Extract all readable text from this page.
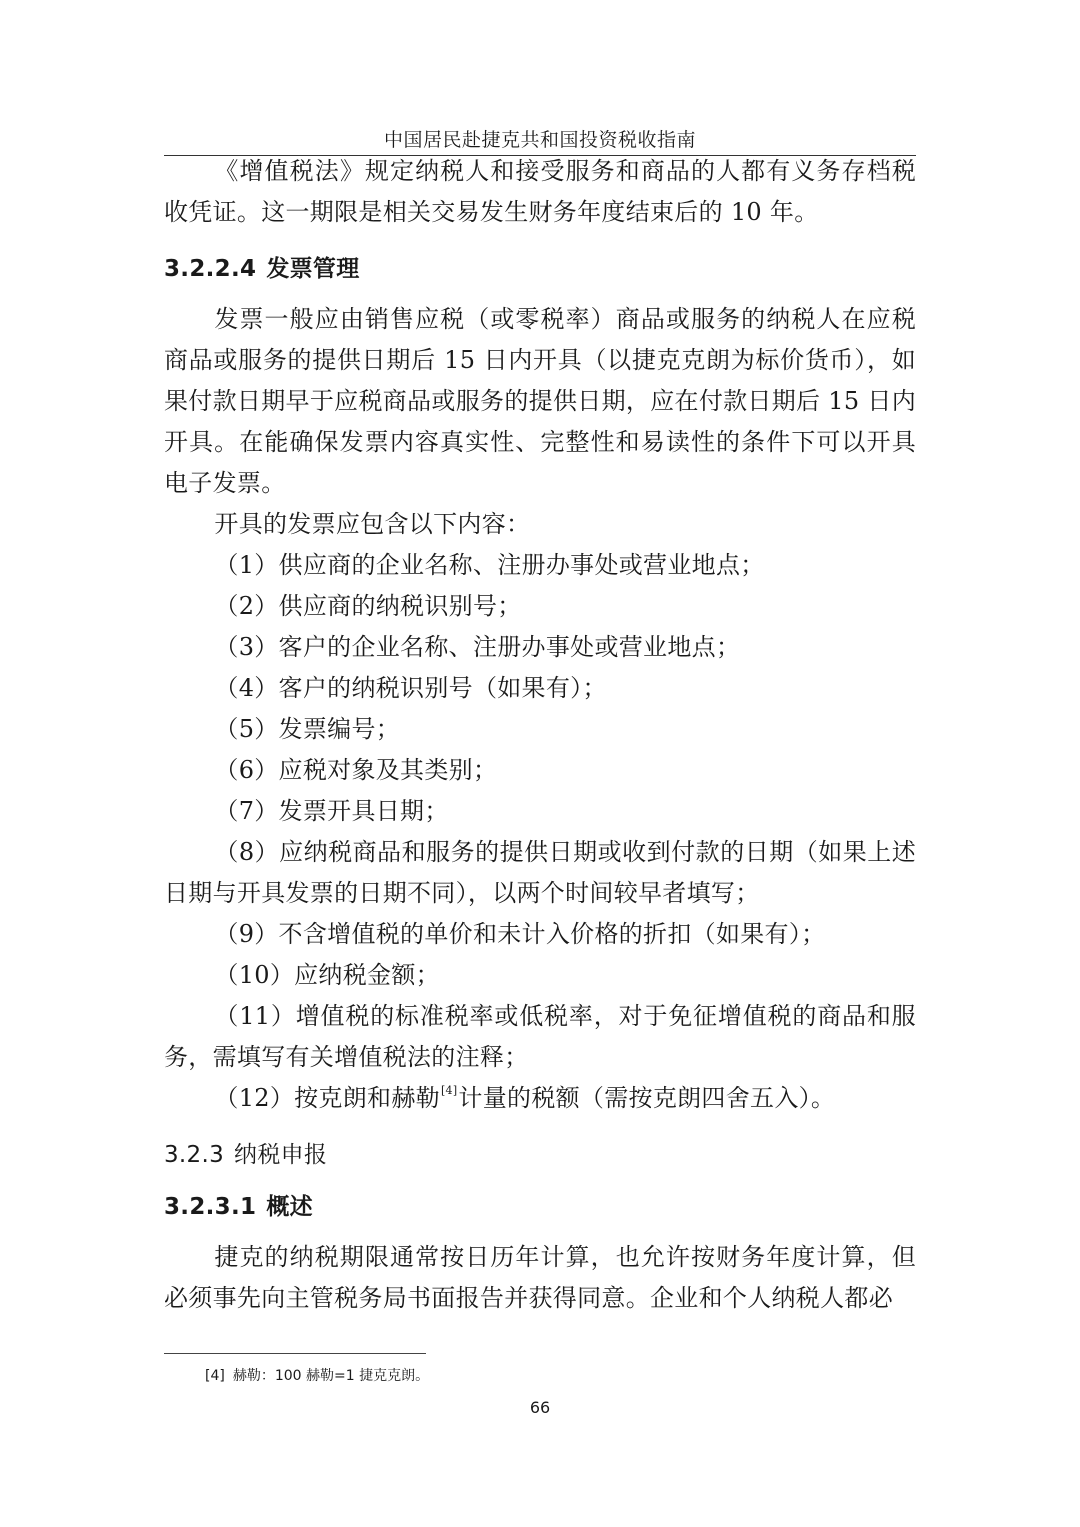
中国居民赴捷克共和国投资税收指南

《增值税法》规定纳税人和接受服务和商品的人都有义务存档税收凭证。这一期限是相关交易发生财务年度结束后的 10 年。

3.2.2.4 发票管理

发票一般应由销售应税（或零税率）商品或服务的纳税人在应税商品或服务的提供日期后 15 日内开具（以捷克克朗为标价货币），如果付款日期早于应税商品或服务的提供日期，应在付款日期后 15 日内开具。在能确保发票内容真实性、完整性和易读性的条件下可以开具电子发票。

开具的发票应包含以下内容：

（1）供应商的企业名称、注册办事处或营业地点；

（2）供应商的纳税识别号；

（3）客户的企业名称、注册办事处或营业地点；

（4）客户的纳税识别号（如果有）；

（5）发票编号；

（6）应税对象及其类别；

（7）发票开具日期；

（8）应纳税商品和服务的提供日期或收到付款的日期（如果上述日期与开具发票的日期不同），以两个时间较早者填写；

（9）不含增值税的单价和未计入价格的折扣（如果有）；

（10）应纳税金额；

（11）增值税的标准税率或低税率，对于免征增值税的商品和服务，需填写有关增值税法的注释；

（12）按克朗和赫勒[4]计量的税额（需按克朗四舍五入）。

3.2.3 纳税申报
3.2.3.1 概述

捷克的纳税期限通常按日历年计算，也允许按财务年度计算，但必须事先向主管税务局书面报告并获得同意。企业和个人纳税人都必

[4] 赫勒：100 赫勒=1 捷克克朗。
66
